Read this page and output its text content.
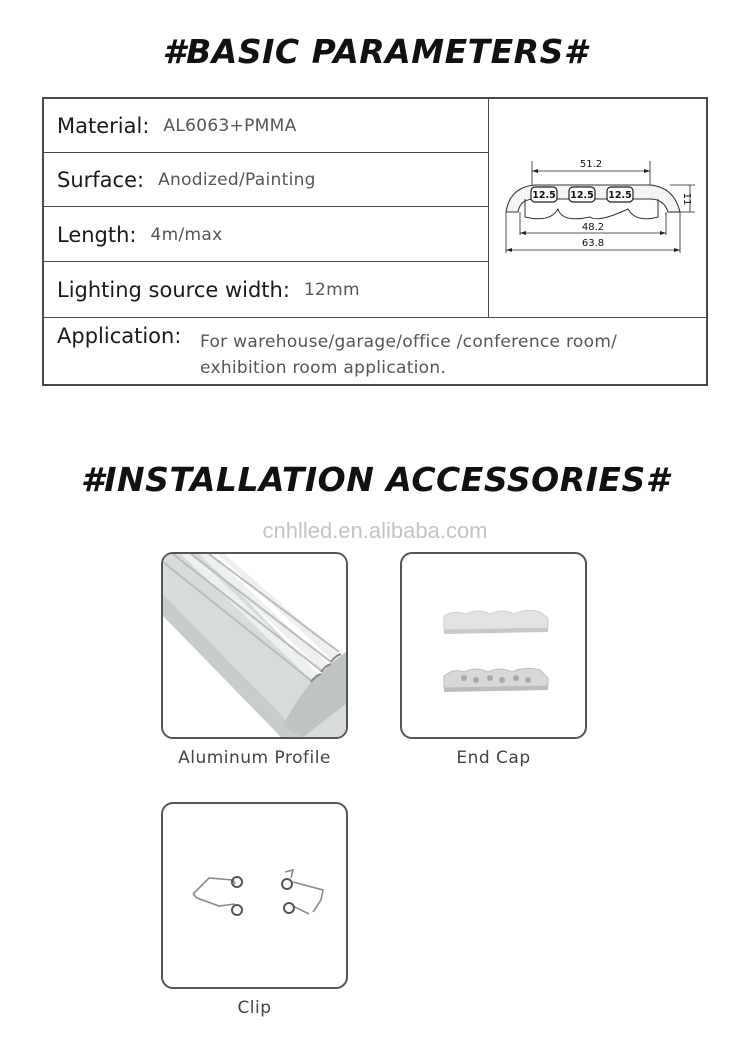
#BASIC PARAMETERS#
Material: AL6063+PMMA
Surface: Anodized/Painting
Length: 4m/max
Lighting source width: 12mm
51.2
12.5 12.5 12.5	11
48.2
63.8
Application: For warehouse/garage/office /conference room/
exhibition room application.
#INSTALLATION ACCESSORIES#
cnhlled.en.alibaba.com
Aluminum Profile	End Cap
Clip
